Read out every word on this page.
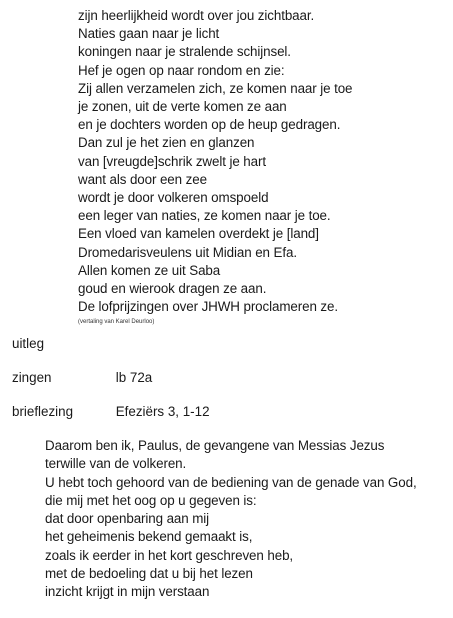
zijn heerlijkheid wordt over jou zichtbaar.
Naties gaan naar je licht
koningen naar je stralende schijnsel.
Hef je ogen op naar rondom en zie:
Zij allen verzamelen zich, ze komen naar je toe
je zonen, uit de verte komen ze aan
en je dochters worden op de heup gedragen.
Dan zul je het zien en glanzen
van [vreugde]schrik zwelt je hart
want als door een zee
wordt je door volkeren omspoeld
een leger van naties, ze komen naar je toe.
Een vloed van kamelen overdekt je [land]
Dromedarisveulens uit Midian en Efa.
Allen komen ze uit Saba
goud en wierook dragen ze aan.
De lofprijzingen over JHWH proclameren ze.
(vertaling van Karel Deurloo)
uitleg
zingen	lb 72a
brieflezing	Efeziërs 3, 1-12
Daarom ben ik, Paulus, de gevangene van Messias Jezus
terwille van de volkeren.
U hebt toch gehoord van de bediening van de genade van God,
die mij met het oog op u gegeven is:
dat door openbaring aan mij
het geheimenis bekend gemaakt is,
zoals ik eerder in het kort geschreven heb,
met de bedoeling dat u bij het lezen
inzicht krijgt in mijn verstaan
